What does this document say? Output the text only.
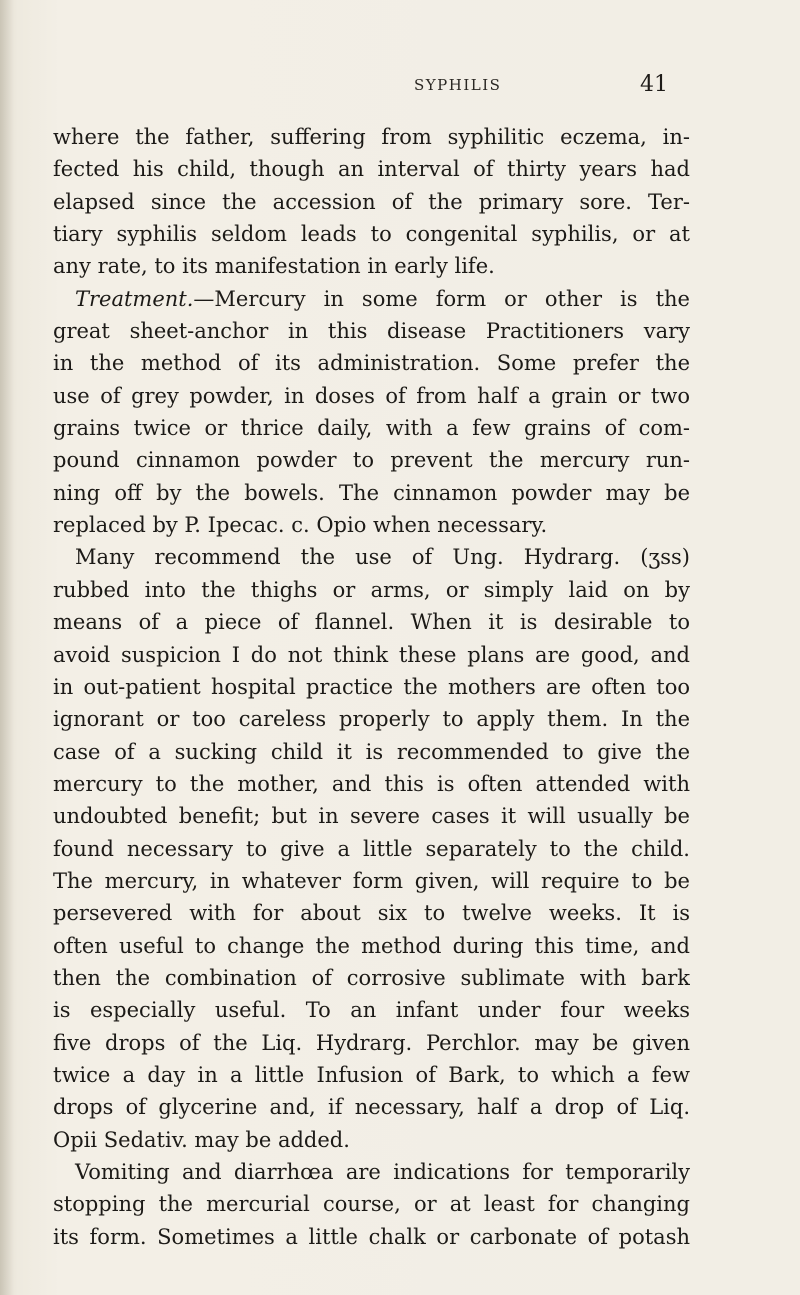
SYPHILIS	41
where the father, suffering from syphilitic eczema, in-
fected his child, though an interval of thirty years had
elapsed since the accession of the primary sore. Ter-
tiary syphilis seldom leads to congenital syphilis, or at
any rate, to its manifestation in early life.
Treatment.—Mercury in some form or other is the
great sheet-anchor in this disease Practitioners vary
in the method of its administration. Some prefer the
use of grey powder, in doses of from half a grain or two
grains twice or thrice daily, with a few grains of com-
pound cinnamon powder to prevent the mercury run-
ning off by the bowels. The cinnamon powder may be
replaced by P. Ipecac. c. Opio when necessary.
Many recommend the use of Ung. Hydrarg. (ʒss)
rubbed into the thighs or arms, or simply laid on by
means of a piece of flannel. When it is desirable to
avoid suspicion I do not think these plans are good, and
in out-patient hospital practice the mothers are often too
ignorant or too careless properly to apply them. In the
case of a sucking child it is recommended to give the
mercury to the mother, and this is often attended with
undoubted benefit; but in severe cases it will usually be
found necessary to give a little separately to the child.
The mercury, in whatever form given, will require to be
persevered with for about six to twelve weeks. It is
often useful to change the method during this time, and
then the combination of corrosive sublimate with bark
is especially useful. To an infant under four weeks
five drops of the Liq. Hydrarg. Perchlor. may be given
twice a day in a little Infusion of Bark, to which a few
drops of glycerine and, if necessary, half a drop of Liq.
Opii Sedativ. may be added.
Vomiting and diarrhœa are indications for temporarily
stopping the mercurial course, or at least for changing
its form. Sometimes a little chalk or carbonate of potash
